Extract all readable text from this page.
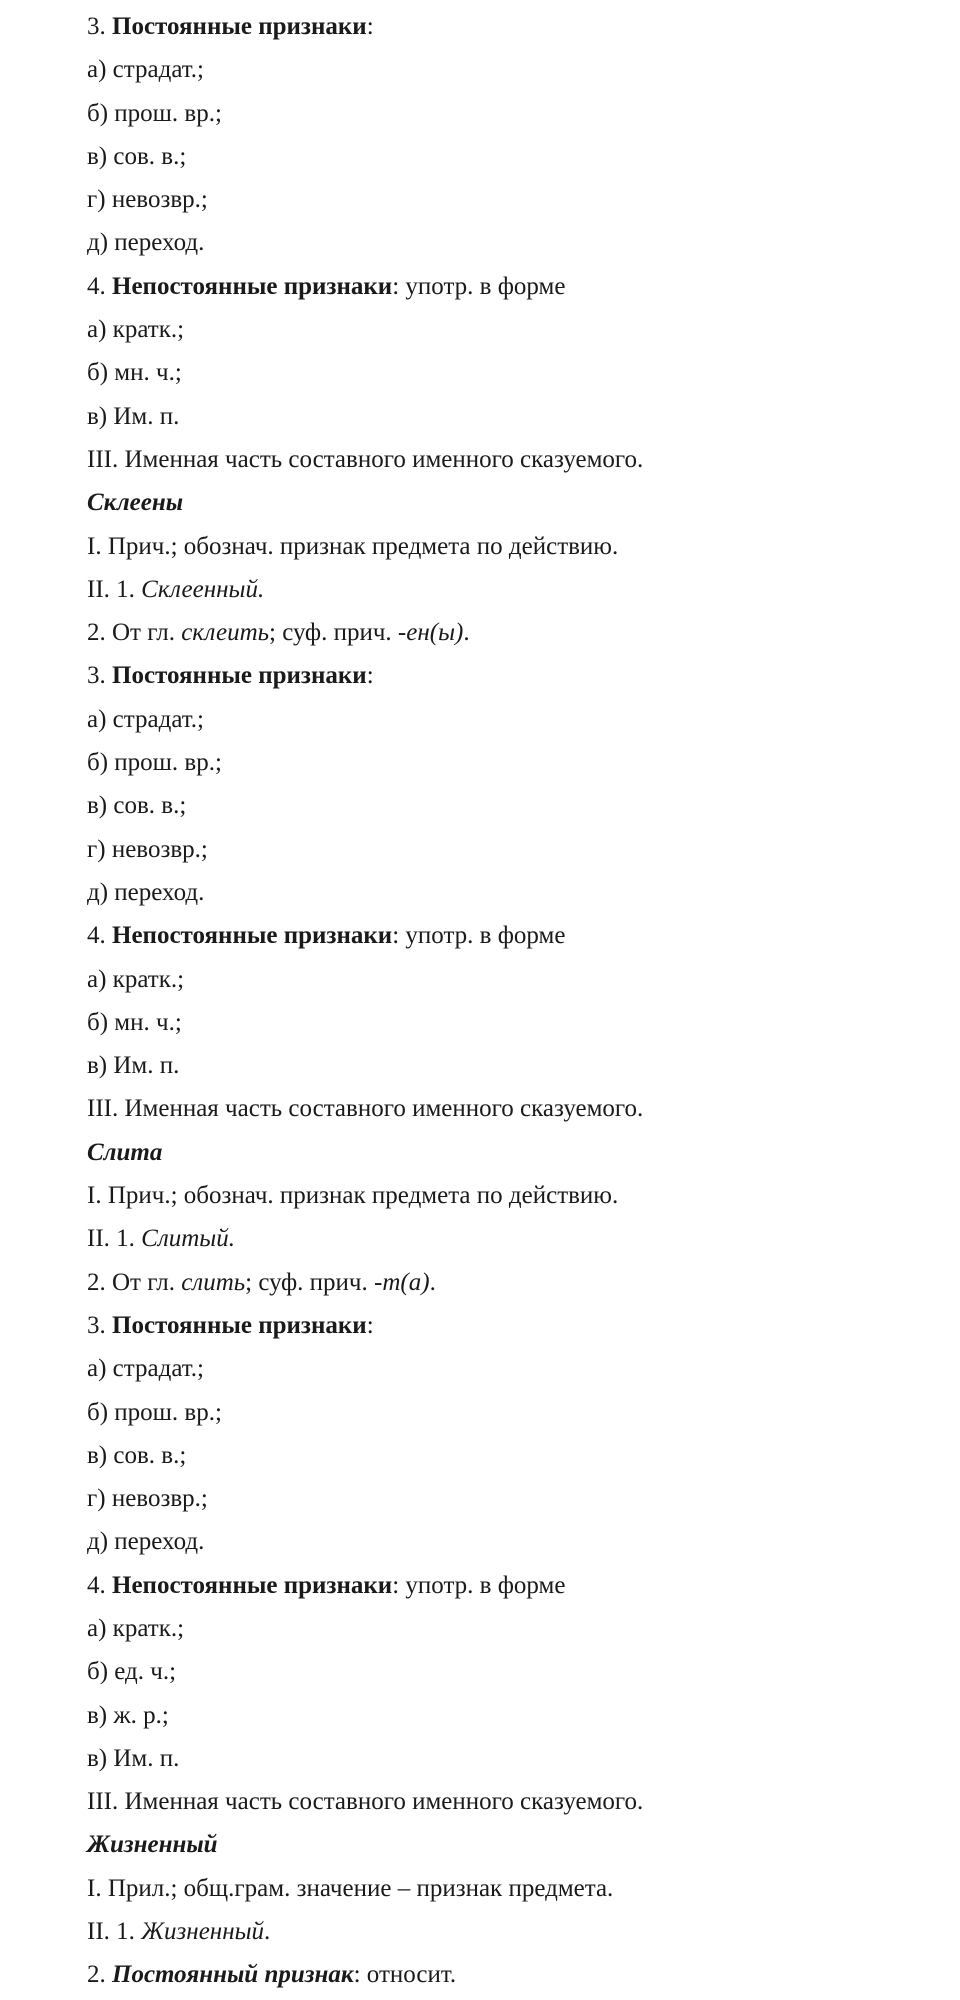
3. Постоянные признаки:
а) страдат.;
б) прош. вр.;
в) сов. в.;
г) невозвр.;
д) переход.
4. Непостоянные признаки: употр. в форме
а) кратк.;
б) мн. ч.;
в) Им. п.
III. Именная часть составного именного сказуемого.
Склеены
I. Прич.; обознач. признак предмета по действию.
II. 1. Склеенный.
2. От гл. склеить; суф. прич. -ен(ы).
3. Постоянные признаки:
а) страдат.;
б) прош. вр.;
в) сов. в.;
г) невозвр.;
д) переход.
4. Непостоянные признаки: употр. в форме
а) кратк.;
б) мн. ч.;
в) Им. п.
III. Именная часть составного именного сказуемого.
Слита
I. Прич.; обознач. признак предмета по действию.
II. 1. Слитый.
2. От гл. слить; суф. прич. -т(а).
3. Постоянные признаки:
а) страдат.;
б) прош. вр.;
в) сов. в.;
г) невозвр.;
д) переход.
4. Непостоянные признаки: употр. в форме
а) кратк.;
б) ед. ч.;
в) ж. р.;
в) Им. п.
III. Именная часть составного именного сказуемого.
Жизненный
I. Прил.; общ.грам. значение – признак предмета.
II. 1. Жизненный.
2. Постоянный признак: относит.
